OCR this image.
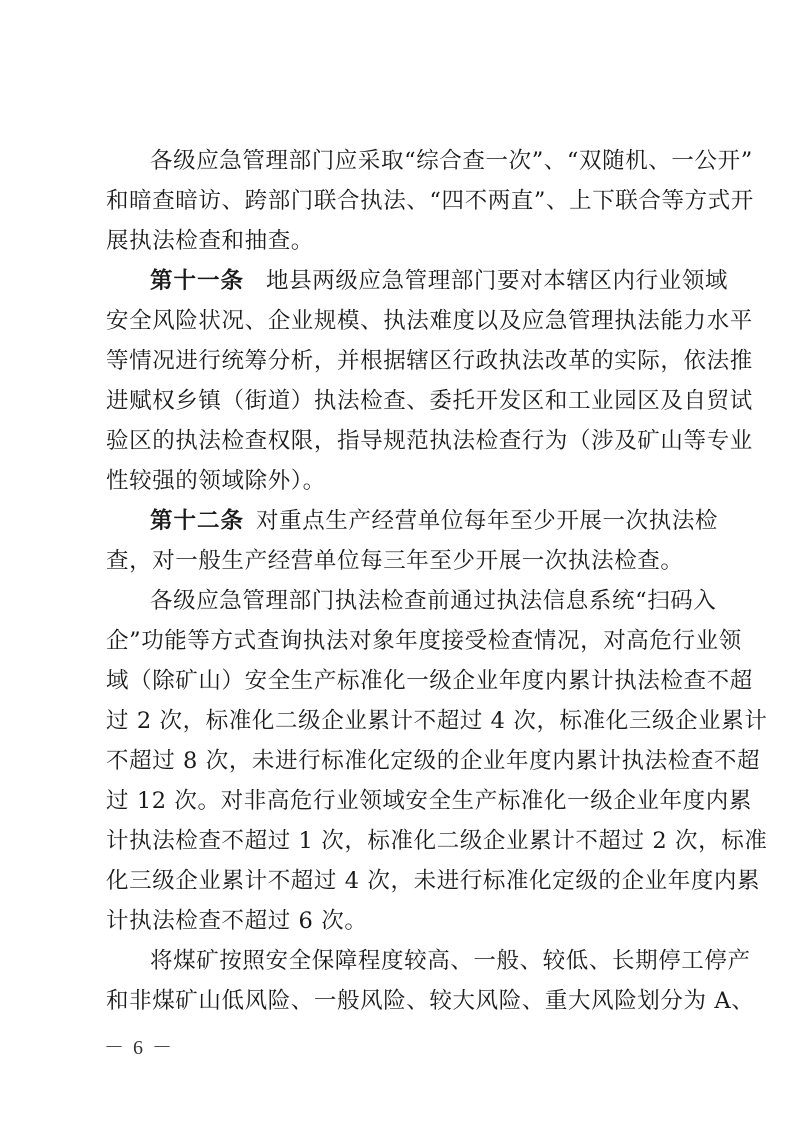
各级应急管理部门应采取“综合查一次”、“双随机、一公开”
和暗查暗访、跨部门联合执法、“四不两直”、上下联合等方式开
展执法检查和抽查。
第十一条 地县两级应急管理部门要对本辖区内行业领域
安全风险状况、企业规模、执法难度以及应急管理执法能力水平
等情况进行统筹分析，并根据辖区行政执法改革的实际，依法推
进赋权乡镇（街道）执法检查、委托开发区和工业园区及自贸试
验区的执法检查权限，指导规范执法检查行为（涉及矿山等专业
性较强的领域除外）。
第十二条 对重点生产经营单位每年至少开展一次执法检
查，对一般生产经营单位每三年至少开展一次执法检查。
各级应急管理部门执法检查前通过执法信息系统“扫码入
企”功能等方式查询执法对象年度接受检查情况，对高危行业领
域（除矿山）安全生产标准化一级企业年度内累计执法检查不超
过 2 次，标准化二级企业累计不超过 4 次，标准化三级企业累计
不超过 8 次，未进行标准化定级的企业年度内累计执法检查不超
过 12 次。对非高危行业领域安全生产标准化一级企业年度内累
计执法检查不超过 1 次，标准化二级企业累计不超过 2 次，标准
化三级企业累计不超过 4 次，未进行标准化定级的企业年度内累
计执法检查不超过 6 次。
将煤矿按照安全保障程度较高、一般、较低、长期停工停产
和非煤矿山低风险、一般风险、较大风险、重大风险划分为 A、
－ 6 －
